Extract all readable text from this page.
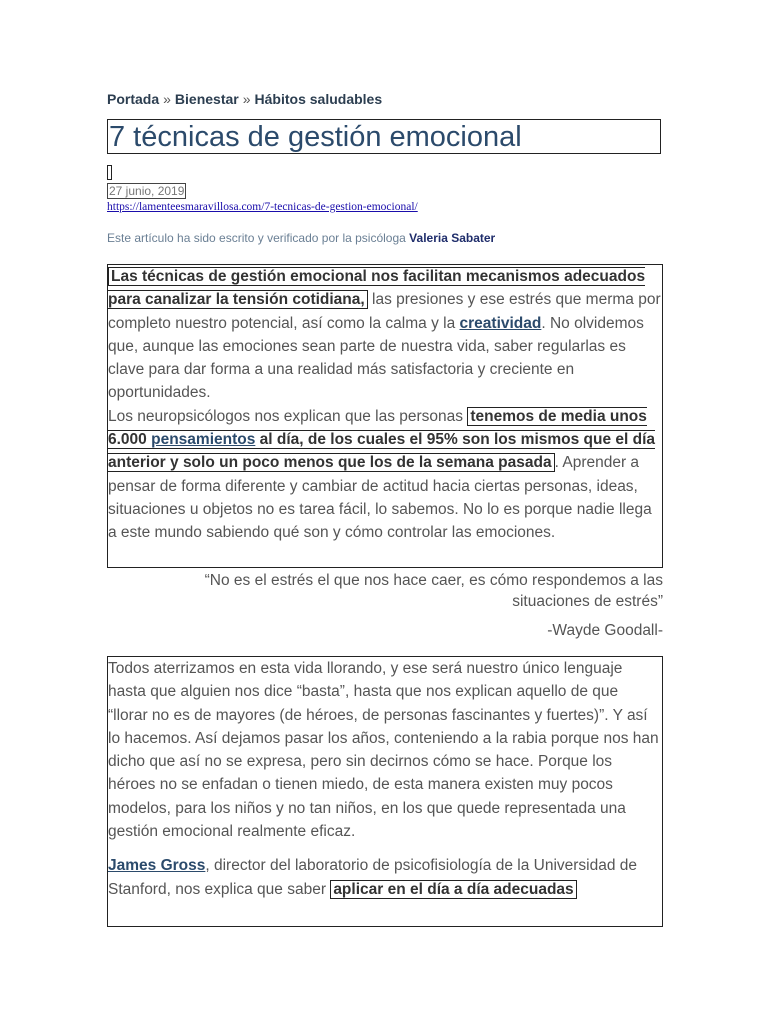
Portada » Bienestar » Hábitos saludables
7 técnicas de gestión emocional
27 junio, 2019
https://lamenteesmaravillosa.com/7-tecnicas-de-gestion-emocional/
Este artículo ha sido escrito y verificado por la psicóloga Valeria Sabater

Las técnicas de gestión emocional nos facilitan mecanismos adecuados para canalizar la tensión cotidiana, las presiones y ese estrés que merma por completo nuestro potencial, así como la calma y la creatividad. No olvidemos que, aunque las emociones sean parte de nuestra vida, saber regularlas es clave para dar forma a una realidad más satisfactoria y creciente en oportunidades.

Los neuropsicólogos nos explican que las personas tenemos de media unos 6.000 pensamientos al día, de los cuales el 95% son los mismos que el día anterior y solo un poco menos que los de la semana pasada . Aprender a pensar de forma diferente y cambiar de actitud hacia ciertas personas, ideas, situaciones u objetos no es tarea fácil, lo sabemos. No lo es porque nadie llega a este mundo sabiendo qué son y cómo controlar las emociones.

“No es el estrés el que nos hace caer, es cómo respondemos a las situaciones de estrés”
-Wayde Goodall-

Todos aterrizamos en esta vida llorando, y ese será nuestro único lenguaje hasta que alguien nos dice “basta”, hasta que nos explican aquello de que “llorar no es de mayores (de héroes, de personas fascinantes y fuertes)”. Y así lo hacemos. Así dejamos pasar los años, conteniendo a la rabia porque nos han dicho que así no se expresa, pero sin decirnos cómo se hace. Porque los héroes no se enfadan o tienen miedo, de esta manera existen muy pocos modelos, para los niños y no tan niños, en los que quede representada una gestión emocional realmente eficaz.

James Gross, director del laboratorio de psicofisiología de la Universidad de Stanford, nos explica que saber aplicar en el día a día adecuadas
